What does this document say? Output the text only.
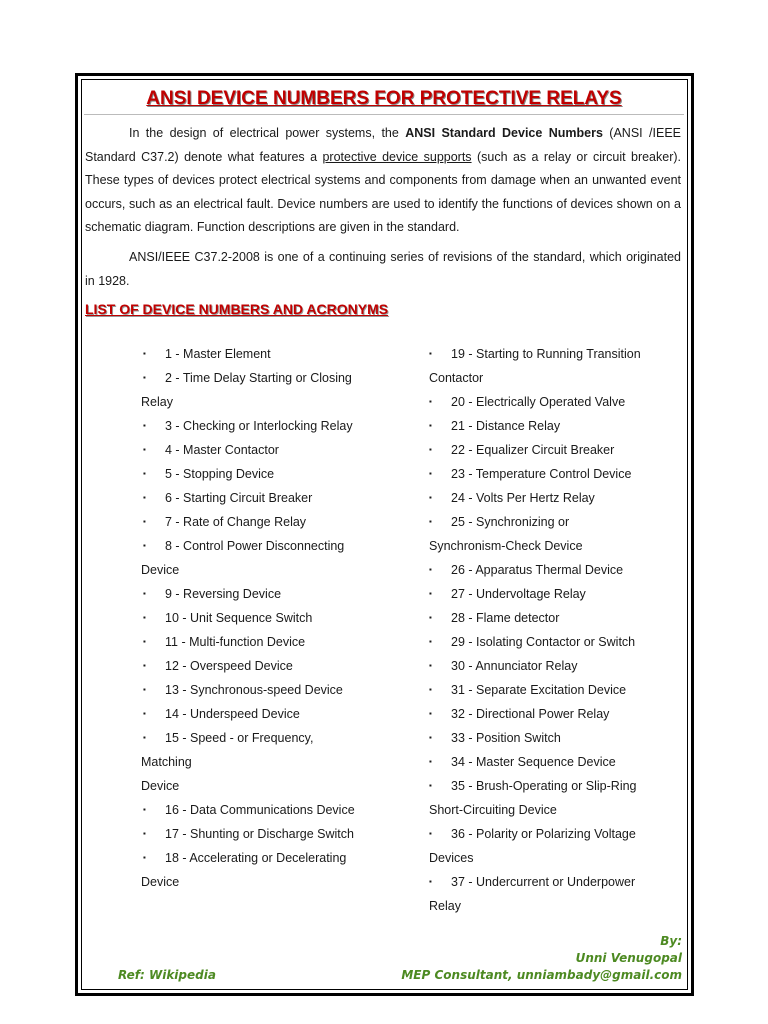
ANSI DEVICE NUMBERS FOR PROTECTIVE RELAYS

In the design of electrical power systems, the ANSI Standard Device Numbers (ANSI /IEEE Standard C37.2) denote what features a protective device supports (such as a relay or circuit breaker). These types of devices protect electrical systems and components from damage when an unwanted event occurs, such as an electrical fault. Device numbers are used to identify the functions of devices shown on a schematic diagram. Function descriptions are given in the standard.

ANSI/IEEE C37.2-2008 is one of a continuing series of revisions of the standard, which originated in 1928.

LIST OF DEVICE NUMBERS AND ACRONYMS
▪ 1 - Master Element
▪ 2 - Time Delay Starting or Closing
Relay
▪ 3 - Checking or Interlocking Relay
▪ 4 - Master Contactor
▪ 5 - Stopping Device
▪ 6 - Starting Circuit Breaker
▪ 7 - Rate of Change Relay
▪ 8 - Control Power Disconnecting
Device
▪ 9 - Reversing Device
▪ 10 - Unit Sequence Switch
▪ 11 - Multi-function Device
▪ 12 - Overspeed Device
▪ 13 - Synchronous-speed Device
▪ 14 - Underspeed Device
▪ 15 - Speed - or Frequency,
Matching
Device
▪ 16 - Data Communications Device
▪ 17 - Shunting or Discharge Switch
▪ 18 - Accelerating or Decelerating
Device
▪ 19 - Starting to Running Transition
Contactor
▪ 20 - Electrically Operated Valve
▪ 21 - Distance Relay
▪ 22 - Equalizer Circuit Breaker
▪ 23 - Temperature Control Device
▪ 24 - Volts Per Hertz Relay
▪ 25 - Synchronizing or
Synchronism-Check Device
▪ 26 - Apparatus Thermal Device
▪ 27 - Undervoltage Relay
▪ 28 - Flame detector
▪ 29 - Isolating Contactor or Switch
▪ 30 - Annunciator Relay
▪ 31 - Separate Excitation Device
▪ 32 - Directional Power Relay
▪ 33 - Position Switch
▪ 34 - Master Sequence Device
▪ 35 - Brush-Operating or Slip-Ring
Short-Circuiting Device
▪ 36 - Polarity or Polarizing Voltage
Devices
▪ 37 - Undercurrent or Underpower
Relay
By:
Unni Venugopal
MEP Consultant, unniambady@gmail.com
Ref: Wikipedia
